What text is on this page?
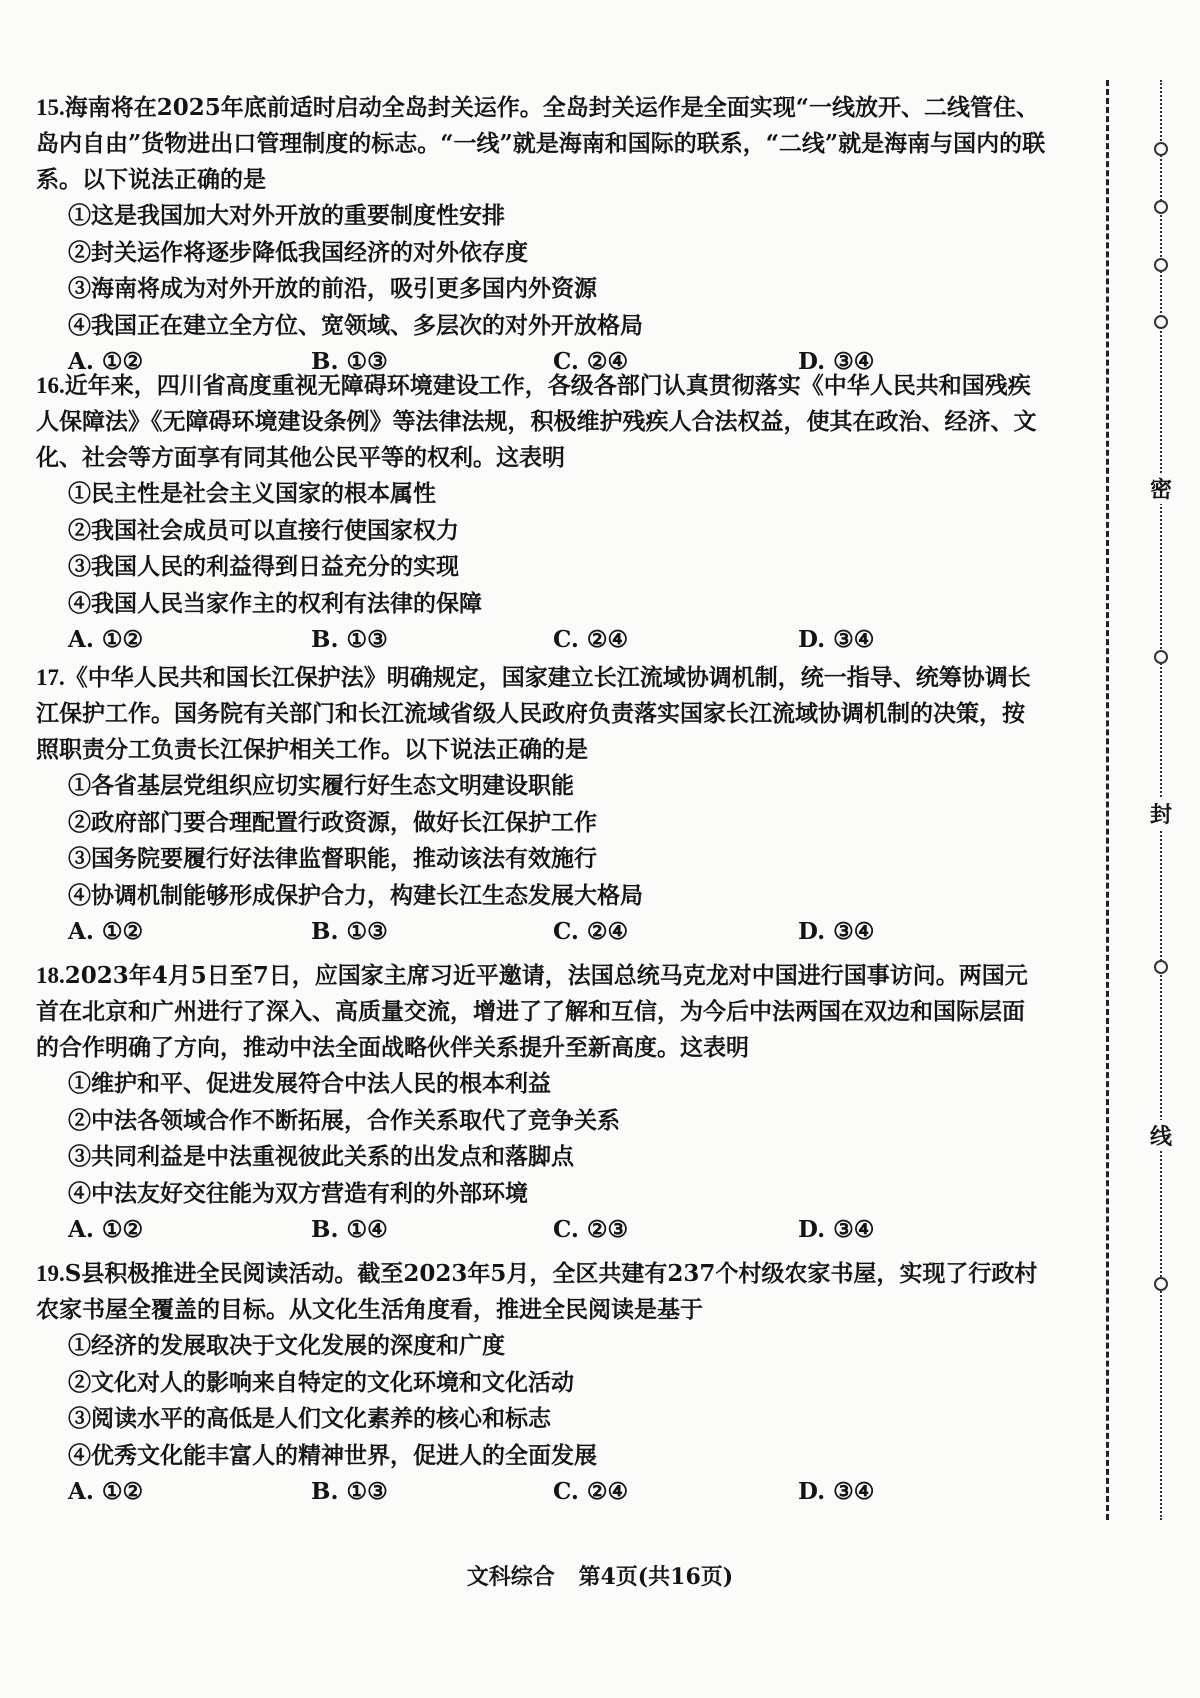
15.海南将在2025年底前适时启动全岛封关运作。全岛封关运作是全面实现“一线放开、二线管住、岛内自由”货物进出口管理制度的标志。“一线”就是海南和国际的联系，“二线”就是海南与国内的联系。以下说法正确的是

①这是我国加大对外开放的重要制度性安排

②封关运作将逐步降低我国经济的对外依存度

③海南将成为对外开放的前沿，吸引更多国内外资源

④我国正在建立全方位、宽领域、多层次的对外开放格局

A. ①②	B. ①③	C. ②④	D. ③④

16.近年来，四川省高度重视无障碍环境建设工作，各级各部门认真贯彻落实《中华人民共和国残疾人保障法》《无障碍环境建设条例》等法律法规，积极维护残疾人合法权益，使其在政治、经济、文化、社会等方面享有同其他公民平等的权利。这表明

①民主性是社会主义国家的根本属性

②我国社会成员可以直接行使国家权力

③我国人民的利益得到日益充分的实现

④我国人民当家作主的权利有法律的保障

A. ①②	B. ①③	C. ②④	D. ③④

17.《中华人民共和国长江保护法》明确规定，国家建立长江流域协调机制，统一指导、统筹协调长江保护工作。国务院有关部门和长江流域省级人民政府负责落实国家长江流域协调机制的决策，按照职责分工负责长江保护相关工作。以下说法正确的是

①各省基层党组织应切实履行好生态文明建设职能

②政府部门要合理配置行政资源，做好长江保护工作

③国务院要履行好法律监督职能，推动该法有效施行

④协调机制能够形成保护合力，构建长江生态发展大格局

A. ①②	B. ①③	C. ②④	D. ③④

18.2023年4月5日至7日，应国家主席习近平邀请，法国总统马克龙对中国进行国事访问。两国元首在北京和广州进行了深入、高质量交流，增进了了解和互信，为今后中法两国在双边和国际层面的合作明确了方向，推动中法全面战略伙伴关系提升至新高度。这表明

①维护和平、促进发展符合中法人民的根本利益

②中法各领域合作不断拓展，合作关系取代了竞争关系

③共同利益是中法重视彼此关系的出发点和落脚点

④中法友好交往能为双方营造有利的外部环境

A. ①②	B. ①④	C. ②③	D. ③④

19.S县积极推进全民阅读活动。截至2023年5月，全区共建有237个村级农家书屋，实现了行政村农家书屋全覆盖的目标。从文化生活角度看，推进全民阅读是基于

①经济的发展取决于文化发展的深度和广度

②文化对人的影响来自特定的文化环境和文化活动

③阅读水平的高低是人们文化素养的核心和标志

④优秀文化能丰富人的精神世界，促进人的全面发展

A. ①②	B. ①③	C. ②④	D. ③④
文科综合 第4页(共16页)
密
封
线
